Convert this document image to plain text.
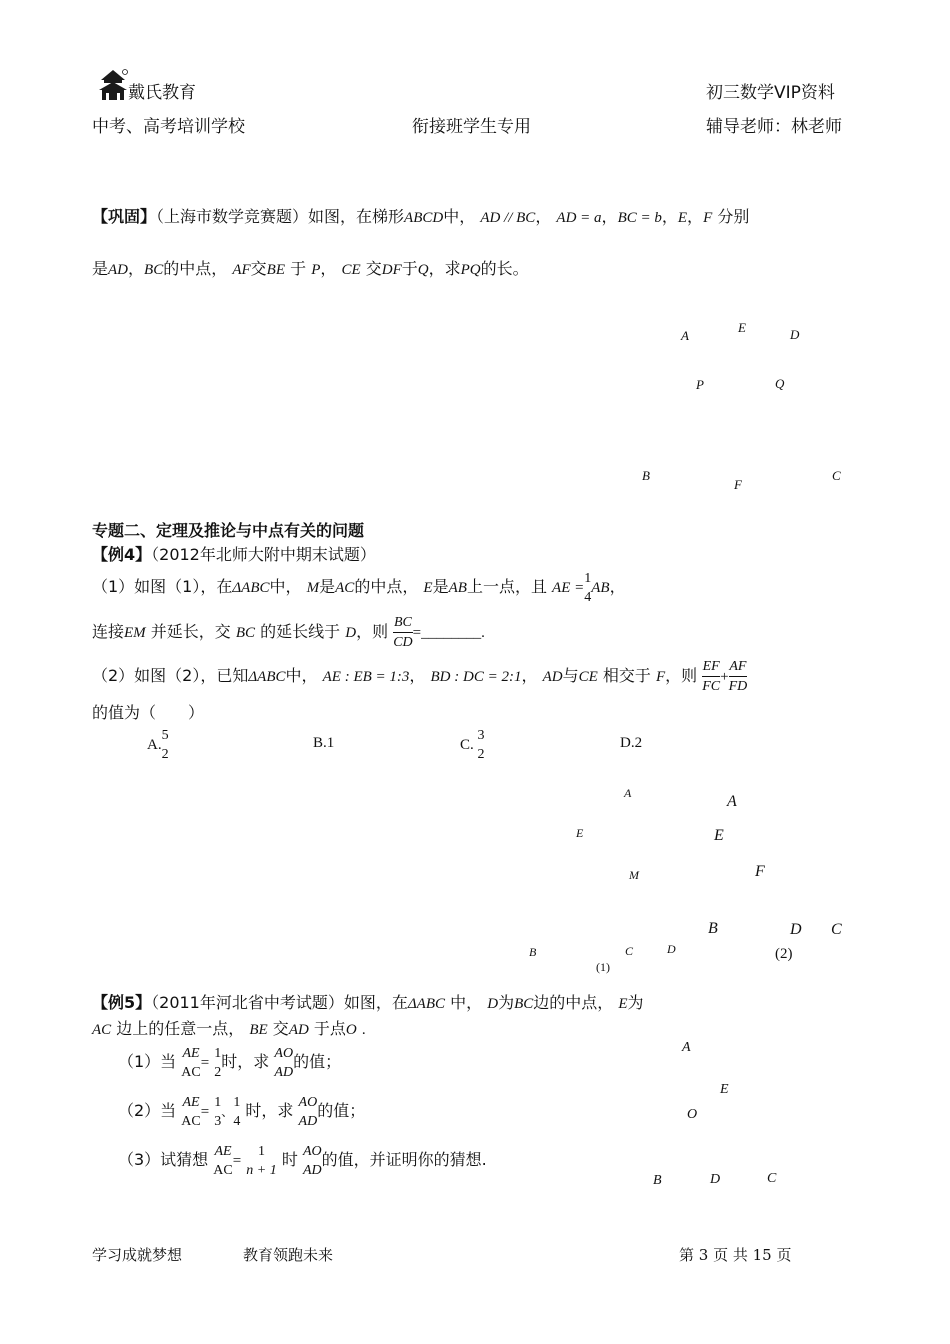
戴氏教育	初三数学VIP资料
中考、高考培训学校	衔接班学生专用	辅导老师：林老师
【巩固】（上海市数学竞赛题）如图，在梯形ABCD中， AD // BC， AD = a，BC = b，E，F 分别
是AD，BC的中点， AF交BE 于 P， CE 交DF于Q，求PQ的长。
A
E	D
P	Q
B
F
C
专题二、定理及推论与中点有关的问题
【例4】（2012年北师大附中期末试题）
（1）如图（1），在ΔABC中， M是AC的中点， E是AB上一点，且 AE =
1
4
AB，
连接EM 并延长，交 BC 的延长线于 D，则 $\frac{BC}{CD}$ =________.
（2）如图（2），已知ΔABC中， AE : EB = 1:3， BD : DC = 2:1， AD与CE 相交于 F，则 $\frac{EF}{FC} + \frac{AF}{FD}$
的值为（　　）
A.
5
2
B.1	C.
3
2
D.2
A
E
M
B	C	D
(1)
A
E
F
B	D C
(2)
【例5】（2011年河北省中考试题）如图，在ΔABC 中， D为BC边的中点， E为
AC 边上的任意一点， BE 交AD 于点O .
（1）当 AE
AC
=
1
2
时，求 AO
AD
的值；
（2）当 AE
AC
=
1
3
、
1
4
时，求 AO
AD
的值；
（3）试猜想 AE
AC
=
1
n + 1
时 AO
AD
的值，并证明你的猜想.
A
E
O
B	D	C
学习成就梦想	教育领跑未来	第 3 页 共 15 页
